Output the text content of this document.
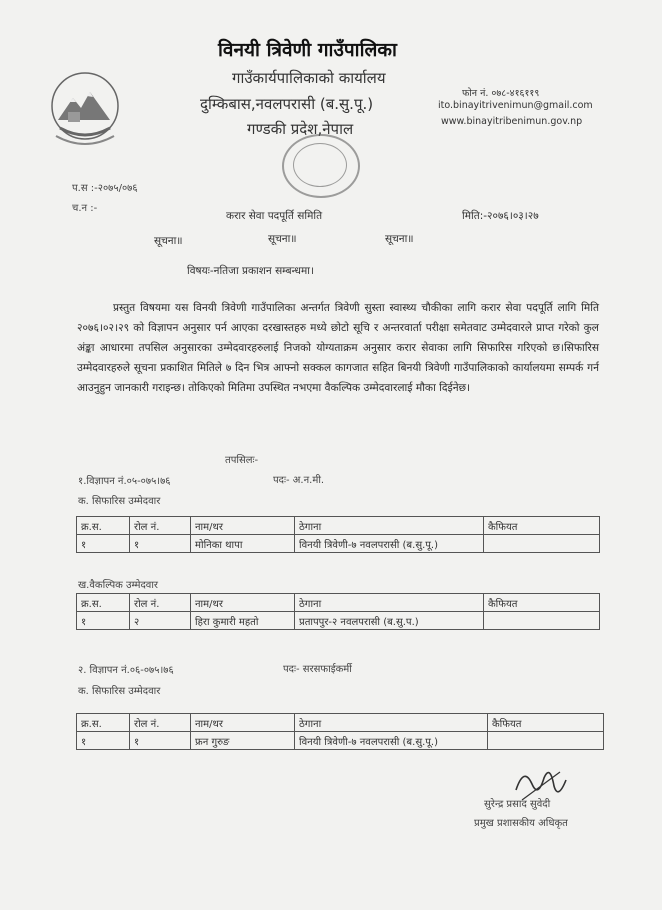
विनयी त्रिवेणी गाउँपालिका
गाउँकार्यपालिकाको कार्यालय
दुम्किबास,नवलपरासी (ब.सु.पू.)
गण्डकी प्रदेश,नेपाल
फोन नं. ०७८-४१६११९
ito.binayitrivenimun@gmail.com
www.binayitribenimun.gov.np
प.स :-२०७५/०७६
च.न :-
करार सेवा पदपूर्ति समिति	मिति:-२०७६।०३।२७
सूचना॥	सूचना॥	सूचना॥
विषयः-नतिजा प्रकाशन सम्बन्धमा।
प्रस्तुत विषयमा यस विनयी त्रिवेणी गाउँपालिका अन्तर्गत त्रिवेणी सुस्ता स्वास्थ्य चौकीका लागि करार सेवा पदपूर्ति लागि मिति २०७६।०२।२९ को विज्ञापन अनुसार पर्न आएका दरखास्तहरु मध्ये छोटो सूचि र अन्तरवार्ता परीक्षा समेतवाट उम्मेदवारले प्राप्त गरेको कुल अंङ्का आधारमा तपसिल अनुसारका उम्मेदवारहरुलाई निजको योग्यताक्रम अनुसार करार सेवाका लागि सिफारिस गरिएको छ।सिफारिस उम्मेदवारहरुले सूचना प्रकाशित मितिले ७ दिन भित्र आफ्नो सक्कल कागजात सहित बिनयी त्रिवेणी गाउँपालिकाको कार्यालयमा सम्पर्क गर्न आउनुहुन जानकारी गराइन्छ। तोकिएको मितिमा उपस्थित नभएमा वैकल्पिक उम्मेदवारलाई मौका दिईनेछ।
तपसिलः-
१.विज्ञापन नं.०५-०७५।७६	पदः- अ.न.मी.
क. सिफारिस उम्मेदवार
क्र.स.	रोल नं.	नाम/थर	ठेगाना	कैफियत
१	१	मोनिका थापा	विनयी त्रिवेणी-७ नवलपरासी (ब.सु.पू.)	
ख.वैकल्पिक उम्मेदवार
क्र.स.	रोल नं.	नाम/थर	ठेगाना	कैफियत
१	२	हिरा कुमारी महतो	प्रतापपुर-२ नवलपरासी (ब.सु.प.)	
२. विज्ञापन नं.०६-०७५।७६	पदः- सरसफाईकर्मी
क. सिफारिस उम्मेदवार
क्र.स.	रोल नं.	नाम/थर	ठेगाना	कैफियत
१	१	फ्रन गुरुङ	विनयी त्रिवेणी-७ नवलपरासी (ब.सु.पू.)	
सुरेन्द्र प्रसाद सुवेदी
प्रमुख प्रशासकीय अधिकृत
